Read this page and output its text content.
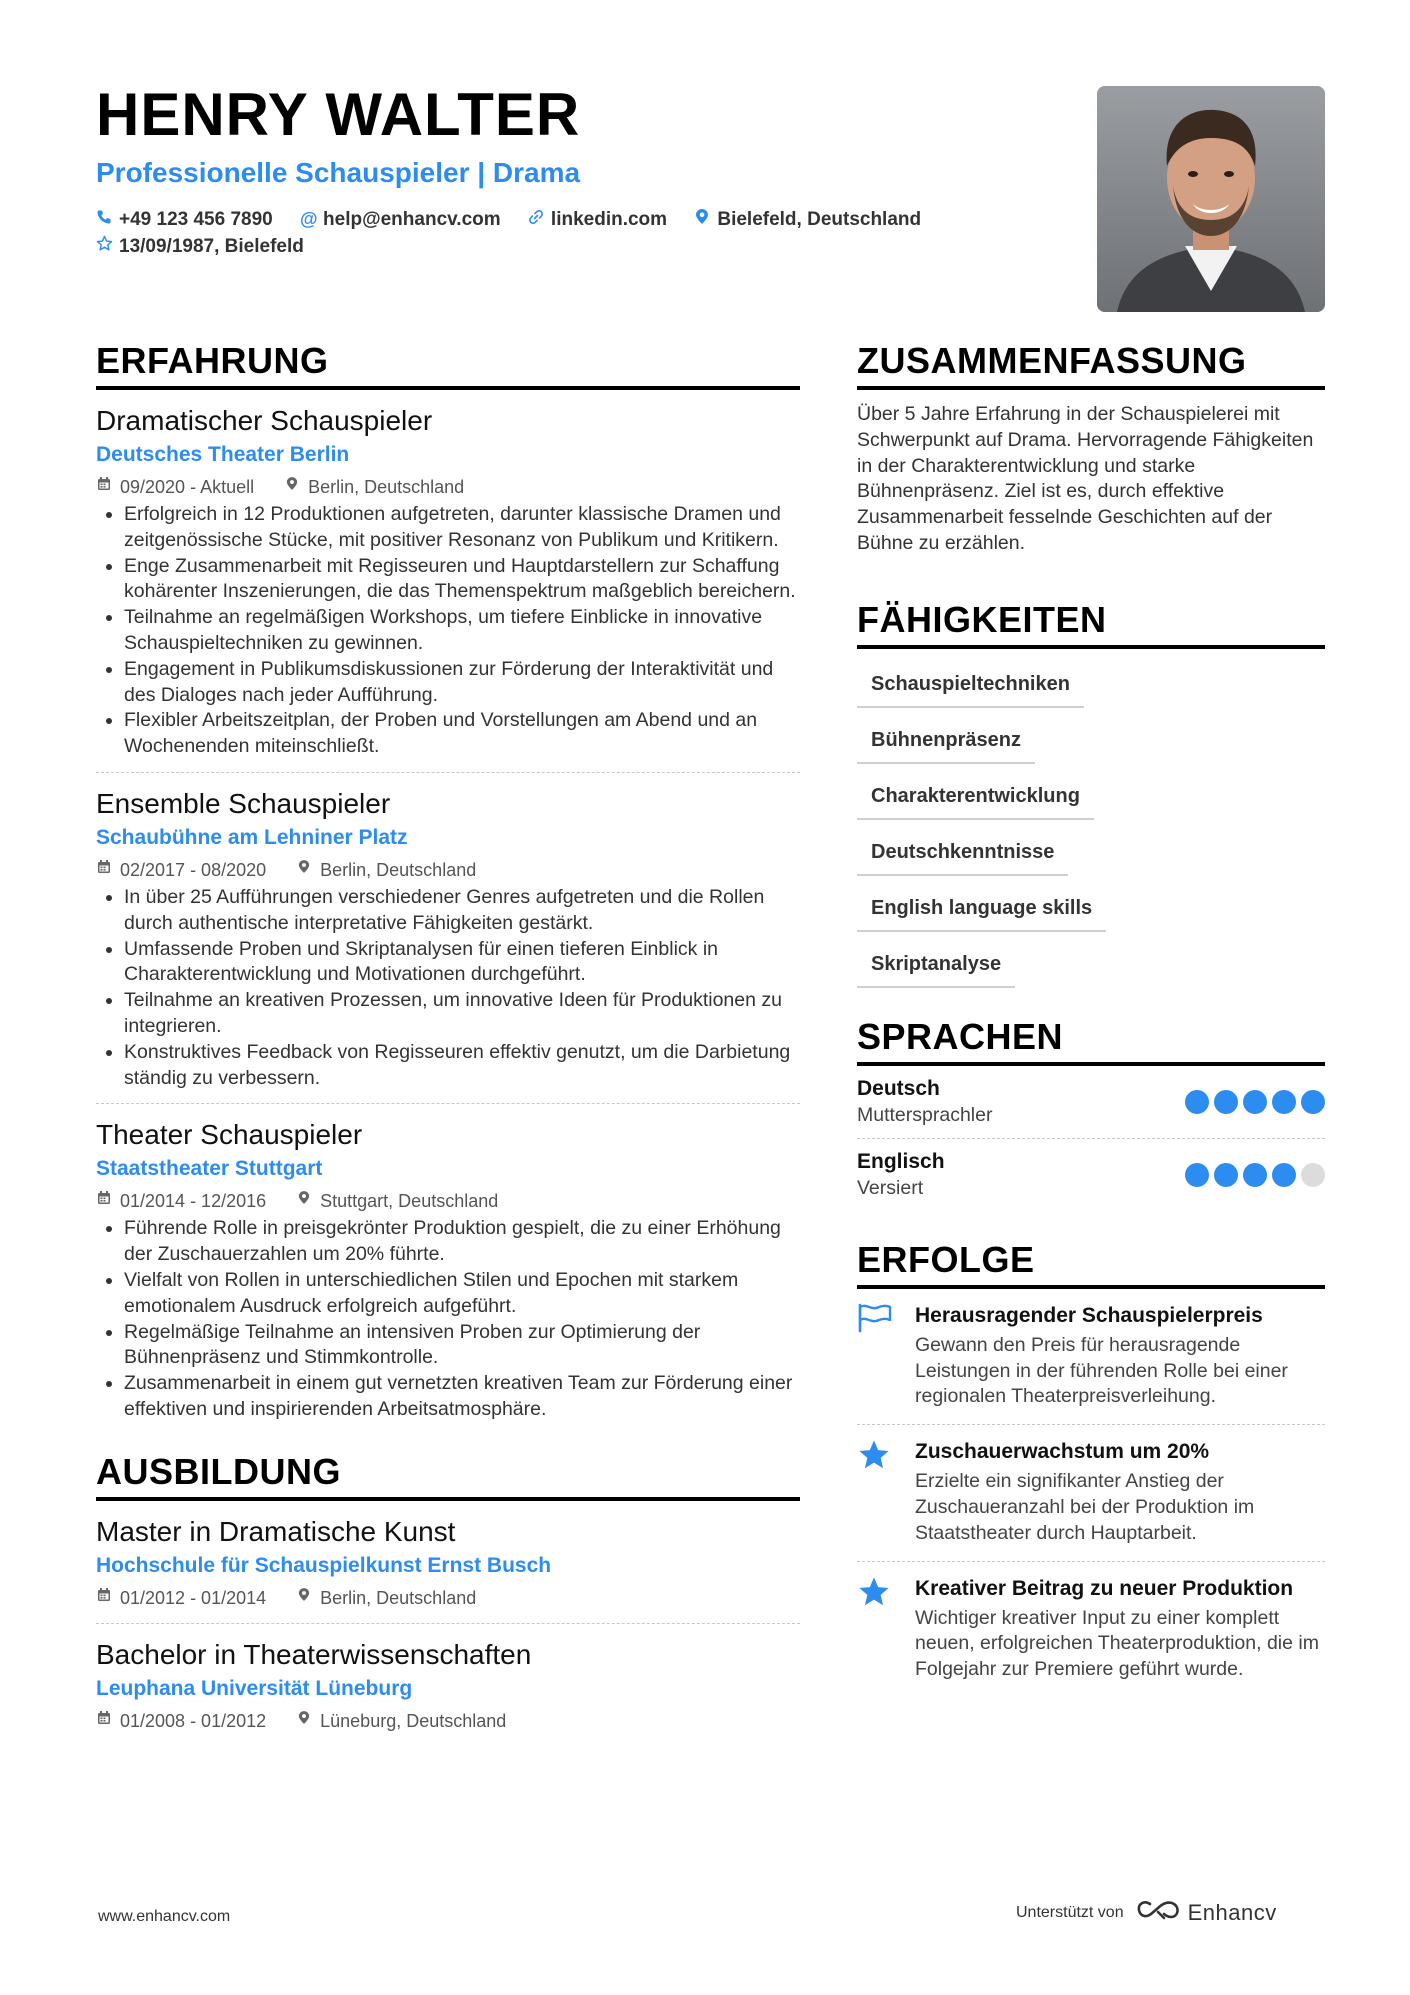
HENRY WALTER
Professionelle Schauspieler | Drama
+49 123 456 7890
@ help@enhancv.com
	linkedin.com
	Bielefeld, Deutschland

13/09/1987, Bielefeld
ERFAHRUNG
Dramatischer Schauspieler
Deutsches Theater Berlin
09/2020 - Aktuell	Berlin, Deutschland
• Erfolgreich in 12 Produktionen aufgetreten, darunter klassische Dramen und zeitgenössische Stücke, mit positiver Resonanz von Publikum und Kritikern.
• Enge Zusammenarbeit mit Regisseuren und Hauptdarstellern zur Schaffung kohärenter Inszenierungen, die das Themenspektrum maßgeblich bereichern.
• Teilnahme an regelmäßigen Workshops, um tiefere Einblicke in innovative Schauspieltechniken zu gewinnen.
• Engagement in Publikumsdiskussionen zur Förderung der Interaktivität und des Dialoges nach jeder Aufführung.
• Flexibler Arbeitszeitplan, der Proben und Vorstellungen am Abend und an Wochenenden miteinschließt.
Ensemble Schauspieler
Schaubühne am Lehniner Platz
02/2017 - 08/2020	Berlin, Deutschland
• In über 25 Aufführungen verschiedener Genres aufgetreten und die Rollen durch authentische interpretative Fähigkeiten gestärkt.
• Umfassende Proben und Skriptanalysen für einen tieferen Einblick in Charakterentwicklung und Motivationen durchgeführt.
• Teilnahme an kreativen Prozessen, um innovative Ideen für Produktionen zu integrieren.
• Konstruktives Feedback von Regisseuren effektiv genutzt, um die Darbietung ständig zu verbessern.
Theater Schauspieler
Staatstheater Stuttgart
01/2014 - 12/2016	Stuttgart, Deutschland
• Führende Rolle in preisgekrönter Produktion gespielt, die zu einer Erhöhung der Zuschauerzahlen um 20% führte.
• Vielfalt von Rollen in unterschiedlichen Stilen und Epochen mit starkem emotionalem Ausdruck erfolgreich aufgeführt.
• Regelmäßige Teilnahme an intensiven Proben zur Optimierung der Bühnenpräsenz und Stimmkontrolle.
• Zusammenarbeit in einem gut vernetzten kreativen Team zur Förderung einer effektiven und inspirierenden Arbeitsatmosphäre.
AUSBILDUNG
Master in Dramatische Kunst
Hochschule für Schauspielkunst Ernst Busch
01/2012 - 01/2014	Berlin, Deutschland
Bachelor in Theaterwissenschaften
Leuphana Universität Lüneburg
01/2008 - 01/2012	Lüneburg, Deutschland
ZUSAMMENFASSUNG
Über 5 Jahre Erfahrung in der Schauspielerei mit Schwerpunkt auf Drama. Hervorragende Fähigkeiten in der Charakterentwicklung und starke Bühnenpräsenz. Ziel ist es, durch effektive Zusammenarbeit fesselnde Geschichten auf der Bühne zu erzählen.
FÄHIGKEITEN
Schauspieltechniken
Bühnenpräsenz
Charakterentwicklung
Deutschkenntnisse
English language skills
Skriptanalyse
SPRACHEN
Deutsch
Muttersprachler
Englisch
Versiert
ERFOLGE
Herausragender Schauspielerpreis
Gewann den Preis für herausragende Leistungen in der führenden Rolle bei einer regionalen Theaterpreisverleihung.
Zuschauerwachstum um 20%
Erzielte ein signifikanter Anstieg der Zuschaueranzahl bei der Produktion im Staatstheater durch Hauptarbeit.
Kreativer Beitrag zu neuer Produktion
Wichtiger kreativer Input zu einer komplett neuen, erfolgreichen Theaterproduktion, die im Folgejahr zur Premiere geführt wurde.
www.enhancv.com	Unterstützt von	Enhancv
